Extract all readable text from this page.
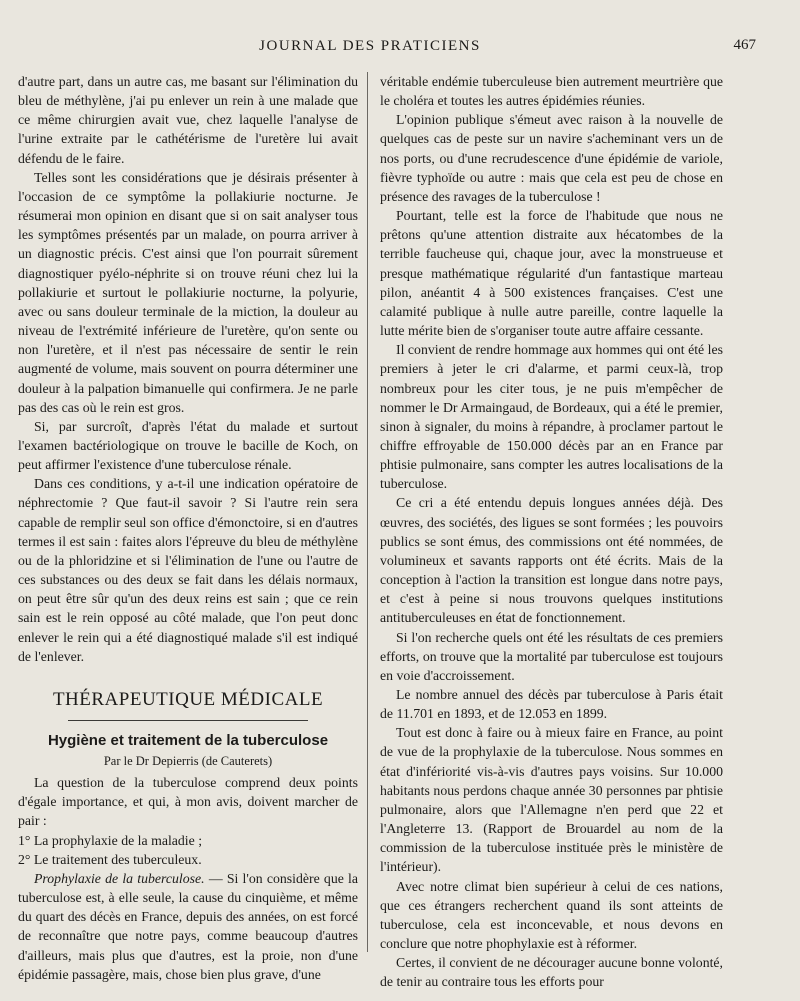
JOURNAL DES PRATICIENS	467

d'autre part, dans un autre cas, me basant sur l'élimination du bleu de méthylène, j'ai pu enlever un rein à une malade que ce même chirurgien avait vue, chez laquelle l'analyse de l'urine extraite par le cathétérisme de l'uretère lui avait défendu de le faire.

Telles sont les considérations que je désirais présenter à l'occasion de ce symptôme la pollakiurie nocturne. Je résumerai mon opinion en disant que si on sait analyser tous les symptômes présentés par un malade, on pourra arriver à un diagnostic précis. C'est ainsi que l'on pourrait sûrement diagnostiquer pyélo-néphrite si on trouve réuni chez lui la pollakiurie et surtout le pollakiurie nocturne, la polyurie, avec ou sans douleur terminale de la miction, la douleur au niveau de l'extrémité inférieure de l'uretère, qu'on sente ou non l'uretère, et il n'est pas nécessaire de sentir le rein augmenté de volume, mais souvent on pourra déterminer une douleur à la palpation bimanuelle qui confirmera. Je ne parle pas des cas où le rein est gros.

Si, par surcroît, d'après l'état du malade et surtout l'examen bactériologique on trouve le bacille de Koch, on peut affirmer l'existence d'une tuberculose rénale.

Dans ces conditions, y a-t-il une indication opératoire de néphrectomie ? Que faut-il savoir ? Si l'autre rein sera capable de remplir seul son office d'émonctoire, si en d'autres termes il est sain : faites alors l'épreuve du bleu de méthylène ou de la phloridzine et si l'élimination de l'une ou l'autre de ces substances ou des deux se fait dans les délais normaux, on peut être sûr qu'un des deux reins est sain ; que ce rein sain est le rein opposé au côté malade, que l'on peut donc enlever le rein qui a été diagnostiqué malade s'il est indiqué de l'enlever.

THÉRAPEUTIQUE MÉDICALE
Hygiène et traitement de la tuberculose
Par le Dr Depierris (de Cauterets)

La question de la tuberculose comprend deux points d'égale importance, et qui, à mon avis, doivent marcher de pair :

1° La prophylaxie de la maladie ;

2° Le traitement des tuberculeux.

Prophylaxie de la tuberculose. — Si l'on considère que la tuberculose est, à elle seule, la cause du cinquième, et même du quart des décès en France, depuis des années, on est forcé de reconnaître que notre pays, comme beaucoup d'autres d'ailleurs, mais plus que d'autres, est la proie, non d'une épidémie passagère, mais, chose bien plus grave, d'une

véritable endémie tuberculeuse bien autrement meurtrière que le choléra et toutes les autres épidémies réunies.

L'opinion publique s'émeut avec raison à la nouvelle de quelques cas de peste sur un navire s'acheminant vers un de nos ports, ou d'une recrudescence d'une épidémie de variole, fièvre typhoïde ou autre : mais que cela est peu de chose en présence des ravages de la tuberculose !

Pourtant, telle est la force de l'habitude que nous ne prêtons qu'une attention distraite aux hécatombes de la terrible faucheuse qui, chaque jour, avec la monstrueuse et presque mathématique régularité d'un fantastique marteau pilon, anéantit 4 à 500 existences françaises. C'est une calamité publique à nulle autre pareille, contre laquelle la lutte mérite bien de s'organiser toute autre affaire cessante.

Il convient de rendre hommage aux hommes qui ont été les premiers à jeter le cri d'alarme, et parmi ceux-là, trop nombreux pour les citer tous, je ne puis m'empêcher de nommer le Dr Armaingaud, de Bordeaux, qui a été le premier, sinon à signaler, du moins à répandre, à proclamer partout le chiffre effroyable de 150.000 décès par an en France par phtisie pulmonaire, sans compter les autres localisations de la tuberculose.

Ce cri a été entendu depuis longues années déjà. Des œuvres, des sociétés, des ligues se sont formées ; les pouvoirs publics se sont émus, des commissions ont été nommées, de volumineux et savants rapports ont été écrits. Mais de la conception à l'action la transition est longue dans notre pays, et c'est à peine si nous trouvons quelques institutions antituberculeuses en état de fonctionnement.

Si l'on recherche quels ont été les résultats de ces premiers efforts, on trouve que la mortalité par tuberculose est toujours en voie d'accroissement.

Le nombre annuel des décès par tuberculose à Paris était de 11.701 en 1893, et de 12.053 en 1899.

Tout est donc à faire ou à mieux faire en France, au point de vue de la prophylaxie de la tuberculose. Nous sommes en état d'infériorité vis-à-vis d'autres pays voisins. Sur 10.000 habitants nous perdons chaque année 30 personnes par phtisie pulmonaire, alors que l'Allemagne n'en perd que 22 et l'Angleterre 13. (Rapport de Brouardel au nom de la commission de la tuberculose instituée près le ministère de l'intérieur).

Avec notre climat bien supérieur à celui de ces nations, que ces étrangers recherchent quand ils sont atteints de tuberculose, cela est inconcevable, et nous devons en conclure que notre phophylaxie est à réformer.

Certes, il convient de ne décourager aucune bonne volonté, de tenir au contraire tous les efforts pour
